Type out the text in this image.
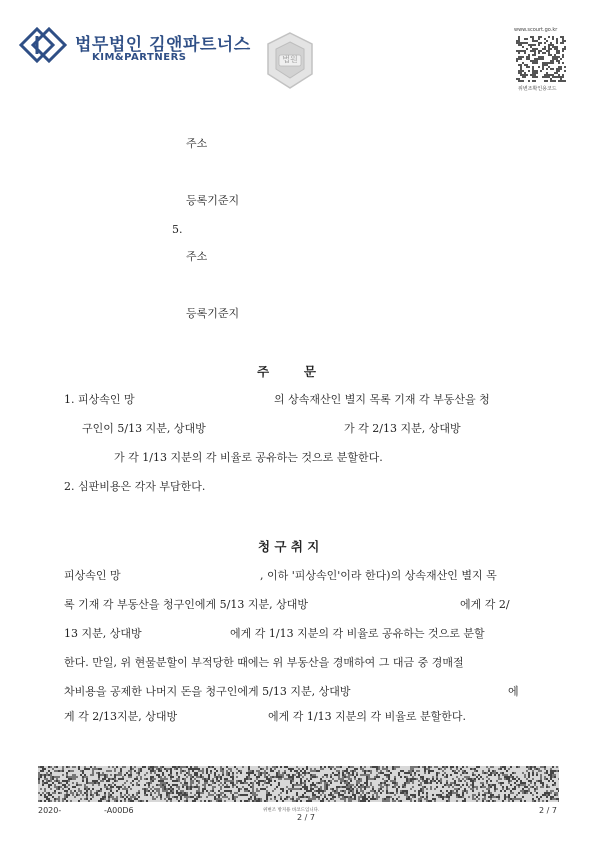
법무법인 김앤파트너스
KIM&PARTNERS	법원
www.scourt.go.kr
위변조확인용코드
주소
등록기준지
5.
주소
등록기준지
주        문
1. 피상속인 망	의 상속재산인 별지 목록 기재 각 부동산을 청
구인이 5/13 지분, 상대방	가 각 2/13 지분, 상대방
가 각 1/13 지분의 각 비율로 공유하는 것으로 분할한다.
2. 심판비용은 각자 부담한다.
청 구 취 지
피상속인 망	, 이하 '피상속인'이라 한다)의 상속재산인 별지 목
록 기재 각 부동산을 청구인에게 5/13 지분, 상대방	에게 각 2/
13 지분, 상대방	에게 각 1/13 지분의 각 비율로 공유하는 것으로 분할
한다. 만일, 위 현물분할이 부적당한 때에는 위 부동산을 경매하여 그 대금 중 경매절
차비용을 공제한 나머지 돈을 청구인에게 5/13 지분, 상대방	에
게 각 2/13지분, 상대방	에게 각 1/13 지분의 각 비율로 분할한다.
2020-	-A00D6	위변조 방지용 바코드입니다.
2 / 7
2 / 7
